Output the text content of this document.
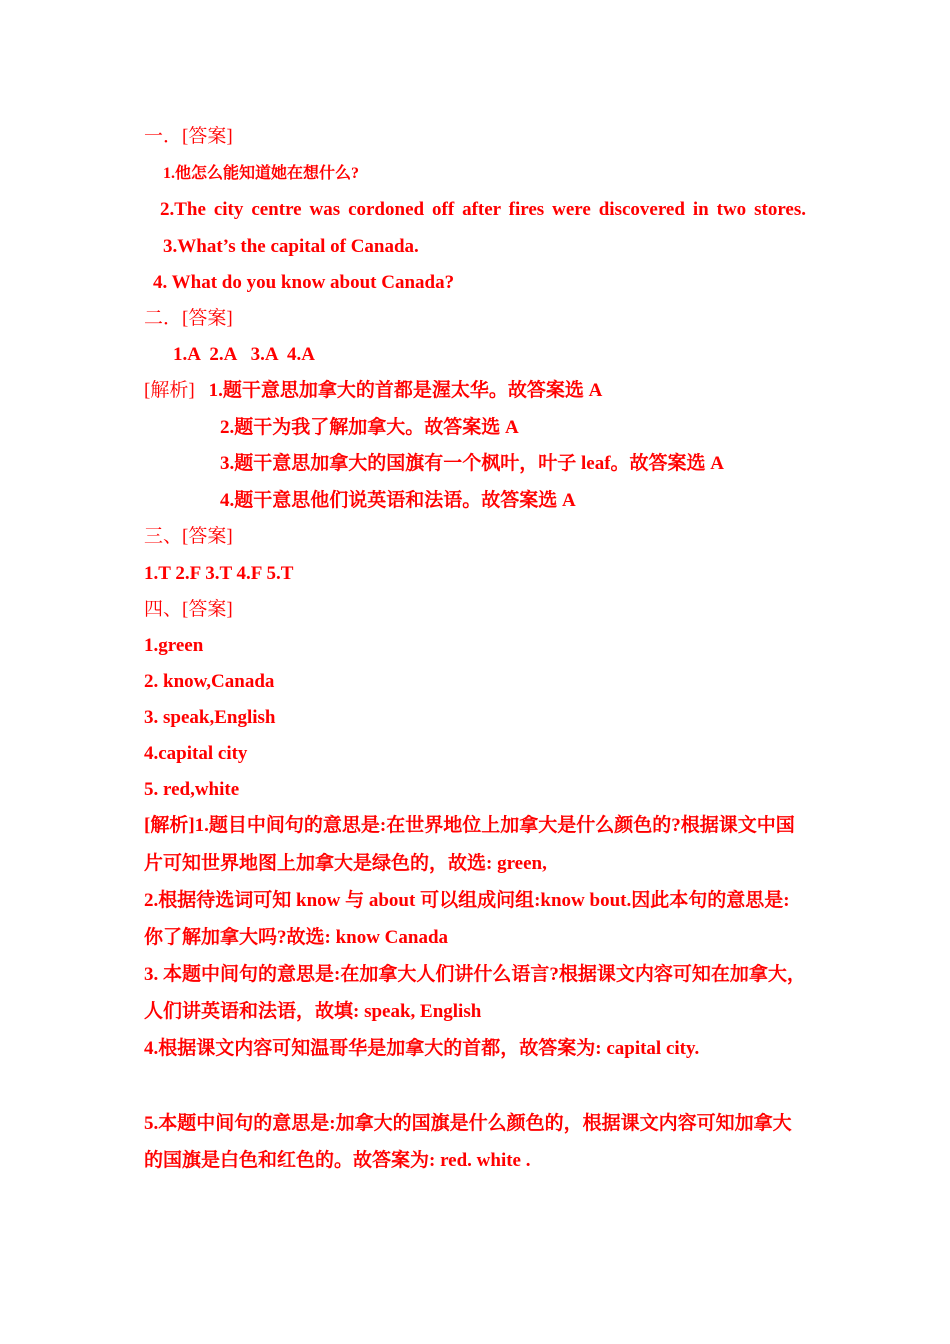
一．[答案]
1.他怎么能知道她在想什么?
2.The city centre was cordoned off after fires were discovered in two stores.
3.What’s the capital of Canada.
4. What do you know about Canada?
二．[答案]
1.A  2.A   3.A  4.A
[解析] 1.题干意思加拿大的首都是渥太华。故答案选 A
2.题干为我了解加拿大。故答案选 A
3.题干意思加拿大的国旗有一个枫叶，叶子 leaf。故答案选 A
4.题干意思他们说英语和法语。故答案选 A
三、[答案]
1.T 2.F 3.T 4.F 5.T
四、[答案]
1.green
2. know,Canada
3. speak,English
4.capital city
5. red,white
[解析]1.题目中间句的意思是:在世界地位上加拿大是什么颜色的?根据课文中国
片可知世界地图上加拿大是绿色的，故选: green,
2.根据待选词可知 know 与 about 可以组成问组:know bout.因此本句的意思是:
你了解加拿大吗?故选: know Canada
3. 本题中间句的意思是:在加拿大人们讲什么语言?根据课文内容可知在加拿大，
人们讲英语和法语，故填: speak, English
4.根据课文内容可知温哥华是加拿大的首都，故答案为: capital city.
5.本题中间句的意思是:加拿大的国旗是什么颜色的，根据课文内容可知加拿大
的国旗是白色和红色的。故答案为: red. white .
